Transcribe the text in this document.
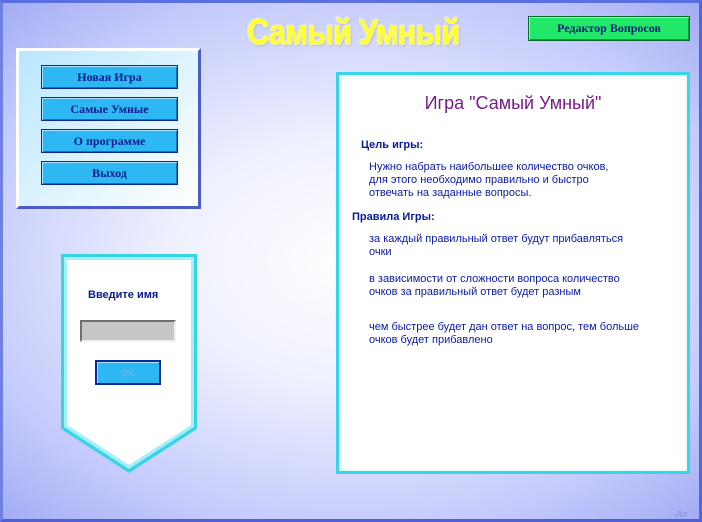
Самый Умный	Редактор Вопросов
Новая Игра
Самые Умные
О программе
Выход
Введите имя
OK
Игра "Самый Умный"
Цель игры:
Нужно набрать наибольшее количество очков,
для этого необходимо правильно и быстро
отвечать на заданные вопросы.
Правила Игры:
за каждый правильный ответ будут прибавляться
очки
в зависимости от сложности вопроса количество
очков за правильный ответ будет разным
чем быстрее будет дан ответ на вопрос, тем больше
очков будет прибавлено
Ал
